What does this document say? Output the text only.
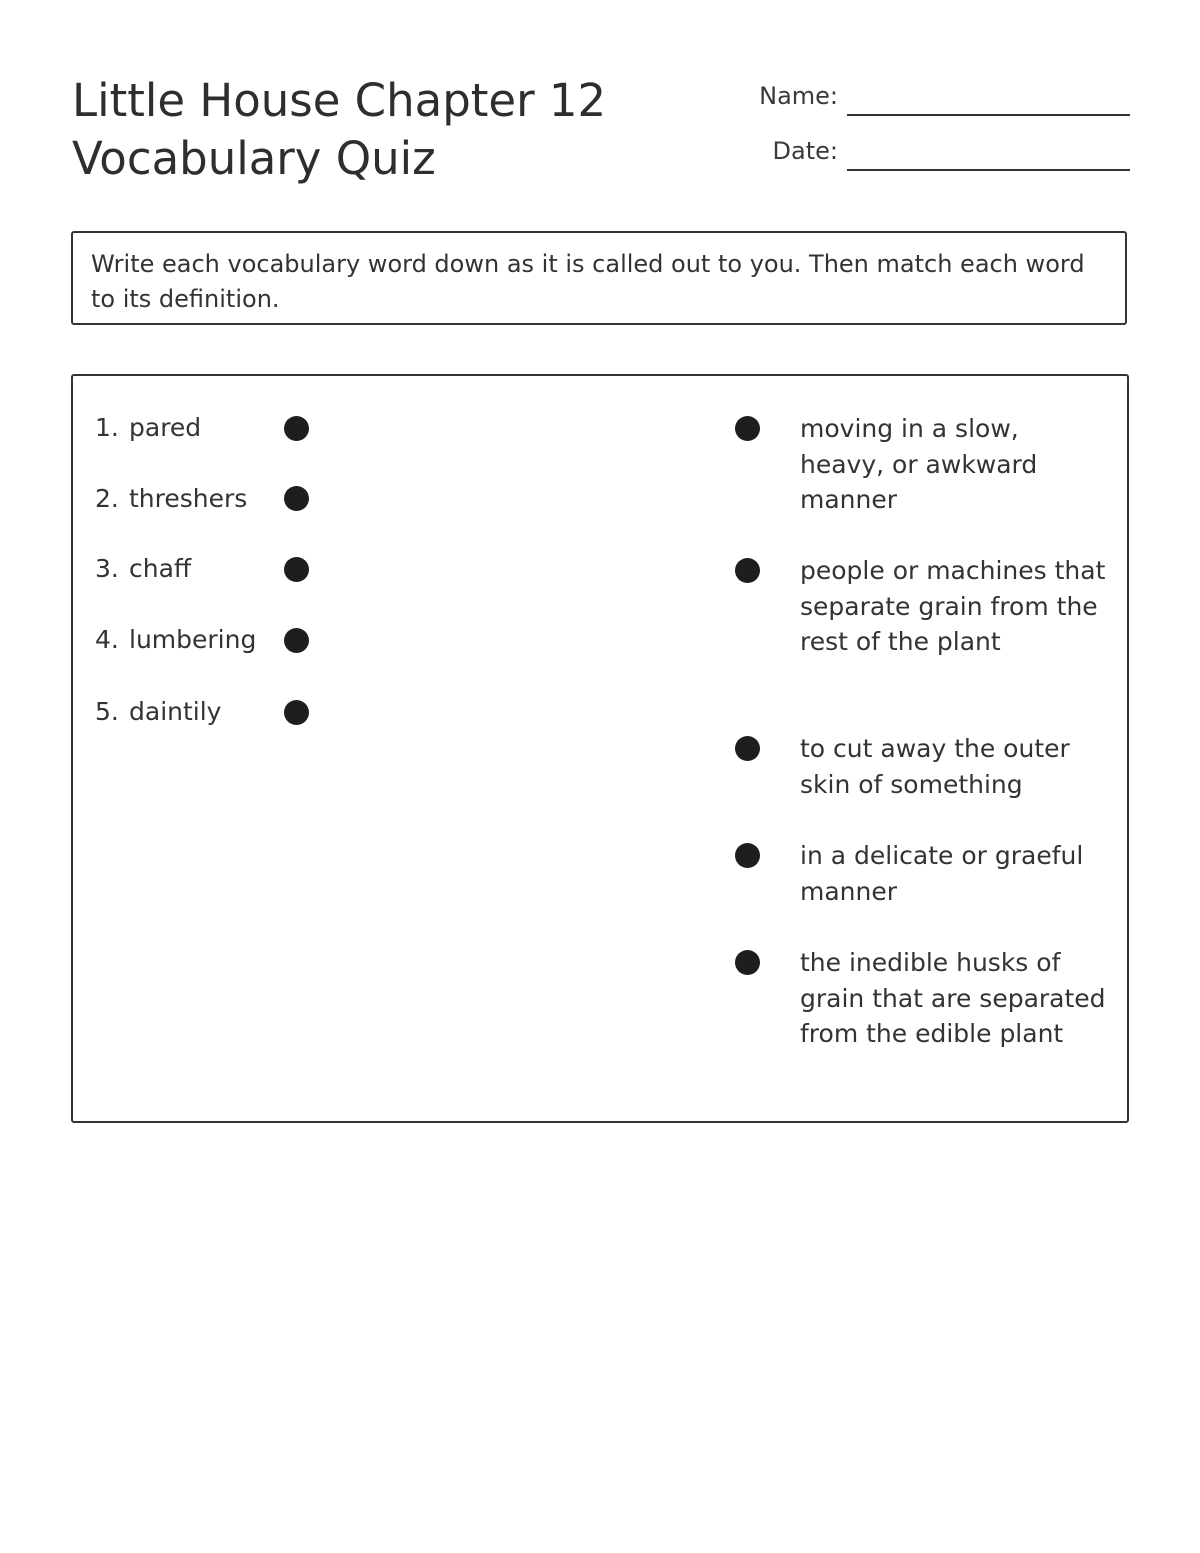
Little House Chapter 12
Vocabulary Quiz
Name:
Date:
Write each vocabulary word down as it is called out to you. Then match each word to its definition.
1. pared
2. threshers
3. chaff
4. lumbering
5. daintily
moving in a slow, heavy, or awkward manner
people or machines that separate grain from the rest of the plant
to cut away the outer skin of something
in a delicate or graeful manner
the inedible husks of grain that are separated from the edible plant
